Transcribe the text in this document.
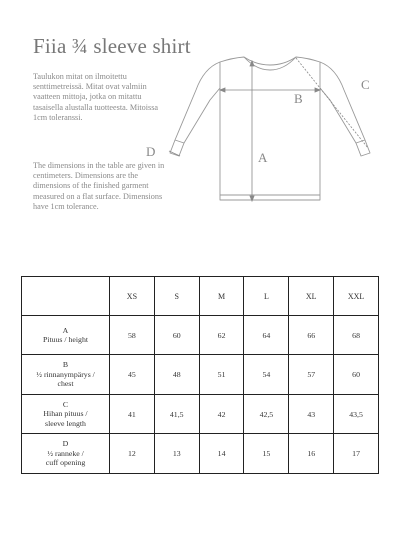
Fiia ¾ sleeve shirt

Taulukon mitat on ilmoitettu senttimetreissä. Mitat ovat valmiin vaatteen mittoja, jotka on mitattu tasaisella alustalla tuotteesta. Mitoissa 1cm toleranssi.

The dimensions in the table are given in centimeters. Dimensions are the dimensions of the finished garment measured on a flat surface. Dimensions have 1cm tolerance.

A
B
C
D
	XS	S	M	L	XL	XXL

A
Pituus / height	58	60	62	64	66	68

B
½ rinnanympärys /
chest	45	48	51	54	57	60

C
Hihan pituus /
sleeve length	41	41,5	42	42,5	43	43,5

D
½ ranneke /
cuff opening	12	13	14	15	16	17
